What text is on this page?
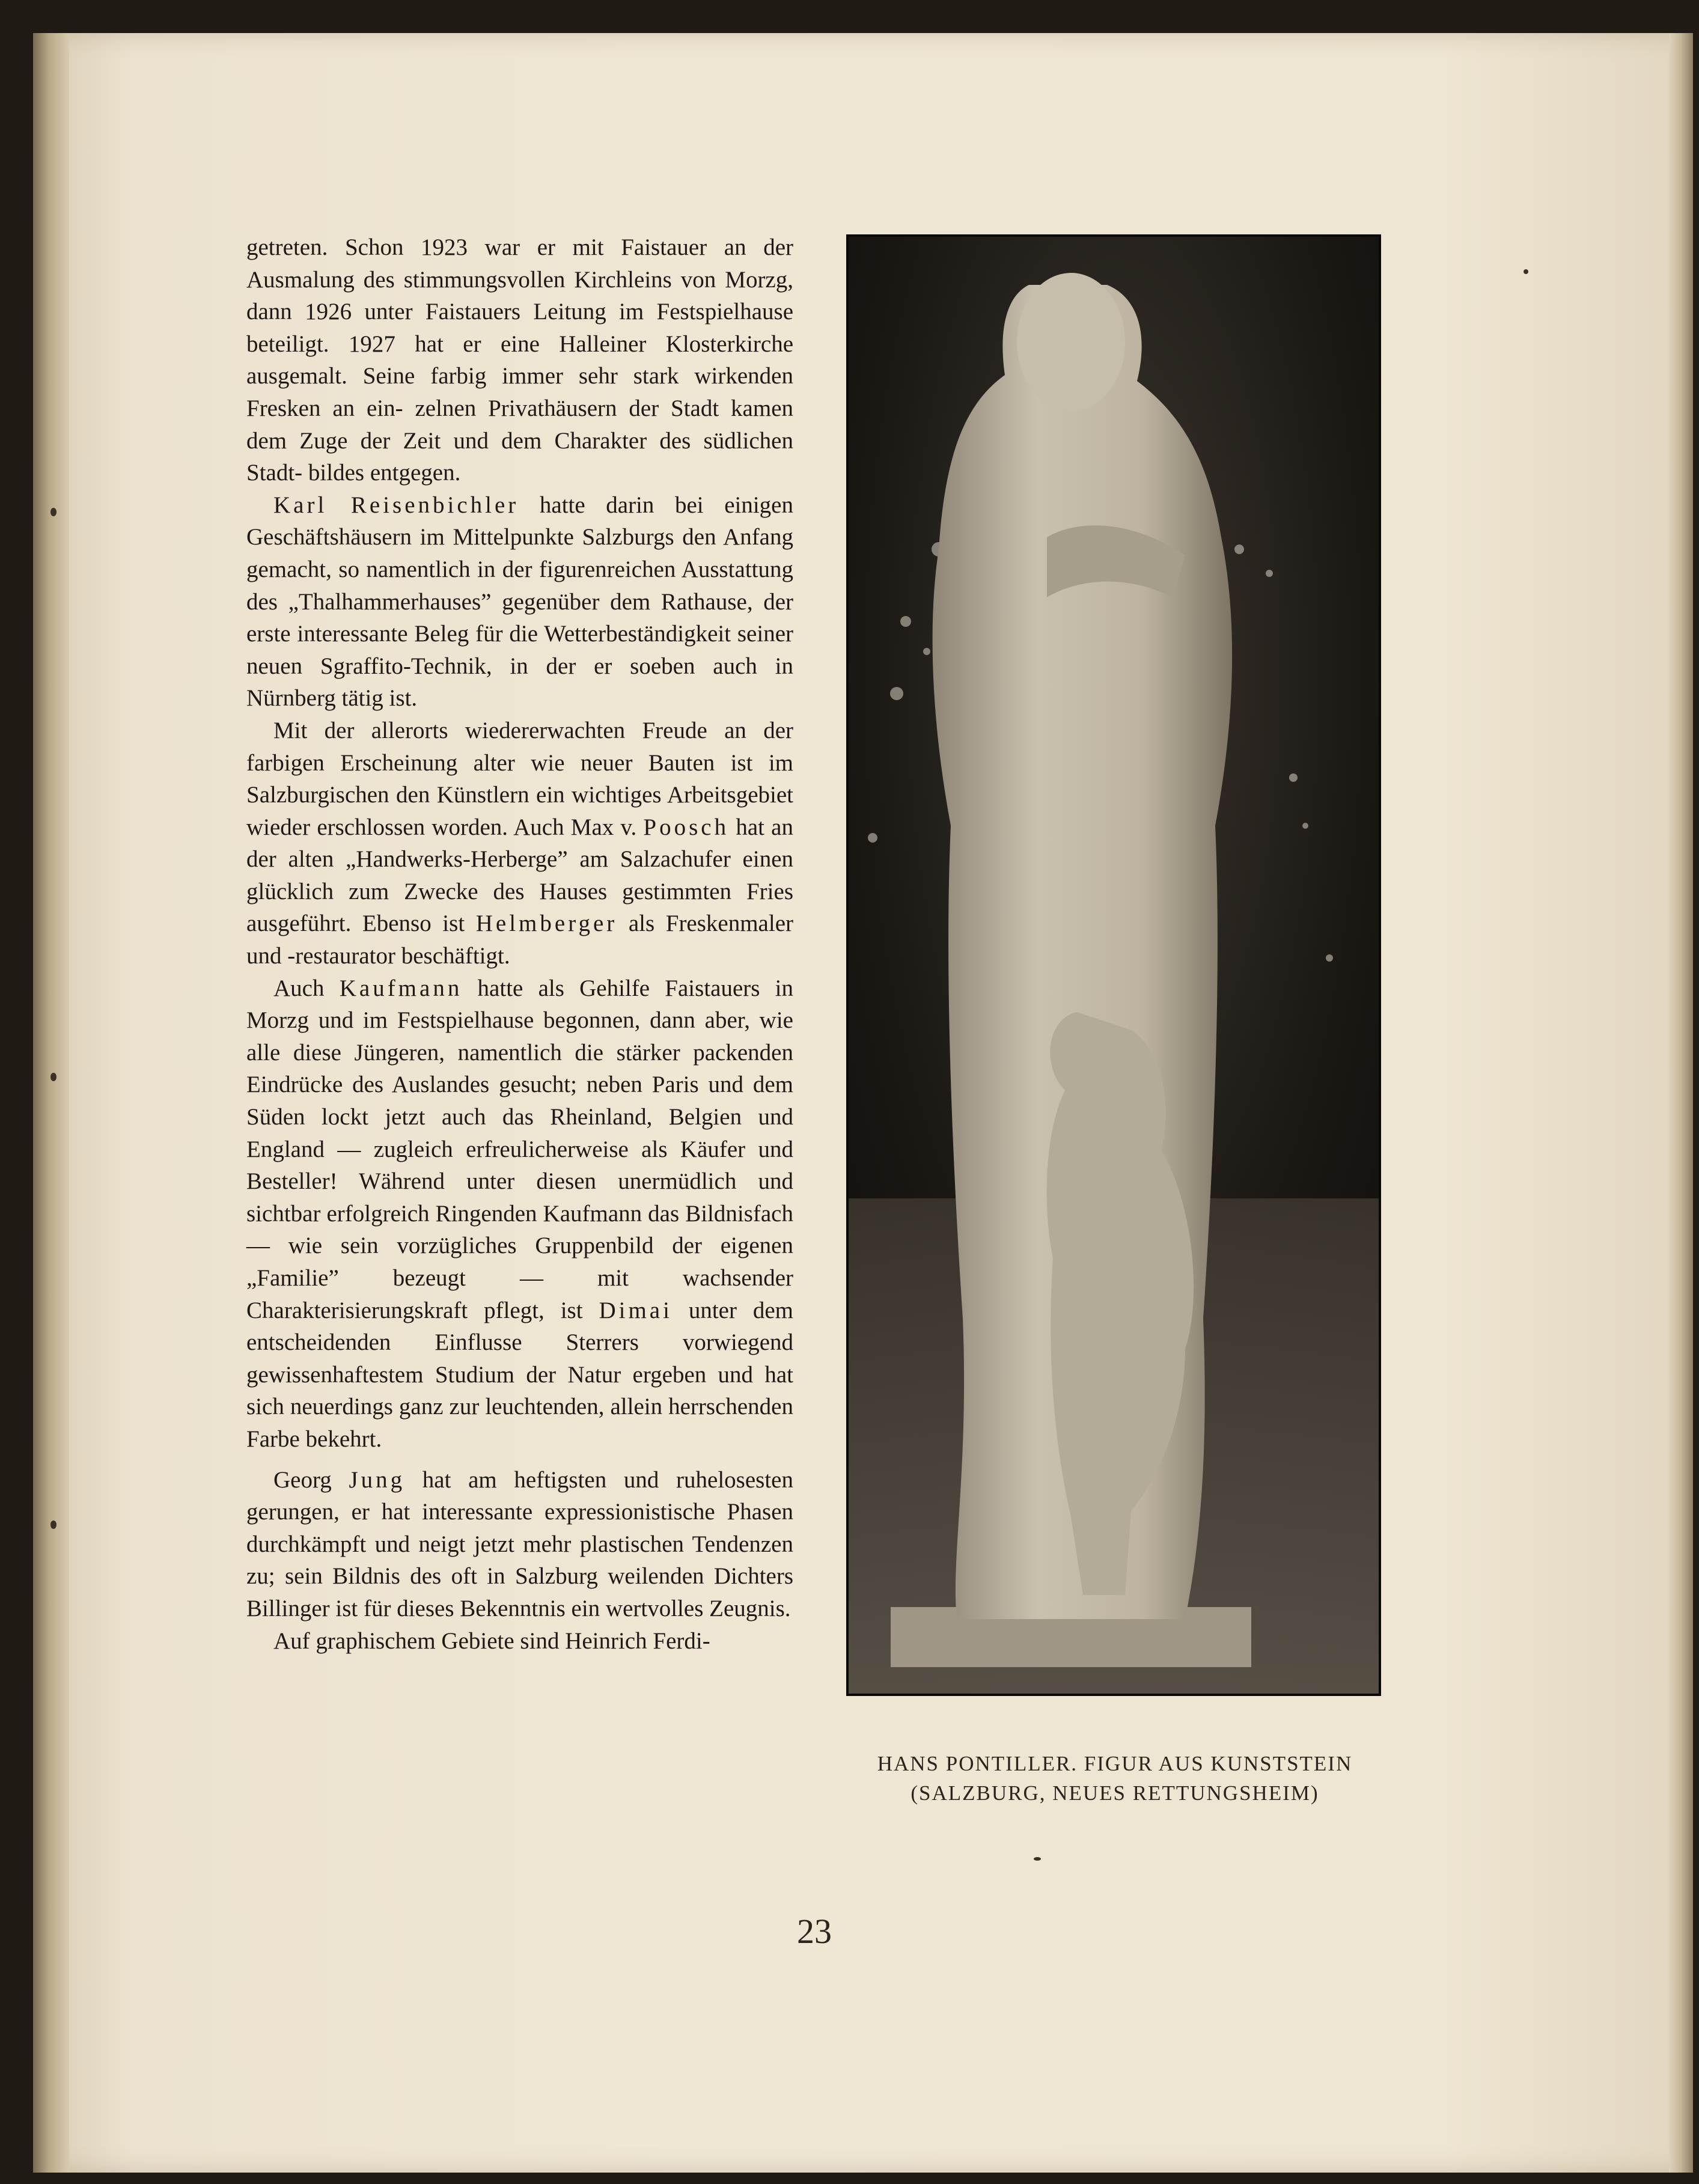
getreten. Schon 1923 war er mit Faistauer an der Ausmalung des stimmungsvollen Kirchleins von Morzg, dann 1926 unter Faistauers Leitung im Festspielhause beteiligt. 1927 hat er eine Halleiner Klosterkirche ausgemalt. Seine farbig immer sehr stark wirkenden Fresken an ein- zelnen Privathäusern der Stadt kamen dem Zuge der Zeit und dem Charakter des südlichen Stadt- bildes entgegen.

Karl Reisenbichler hatte darin bei einigen Geschäftshäusern im Mittelpunkte Salzburgs den Anfang gemacht, so namentlich in der figurenreichen Ausstattung des „Thalhammerhauses” gegenüber dem Rathause, der erste interessante Beleg für die Wetterbeständigkeit seiner neuen Sgraffito-Technik, in der er soeben auch in Nürnberg tätig ist.

Mit der allerorts wiedererwachten Freude an der farbigen Erscheinung alter wie neuer Bauten ist im Salzburgischen den Künstlern ein wichtiges Arbeitsgebiet wieder erschlossen worden. Auch Max v. Poosch hat an der alten „Handwerks-Herberge” am Salzachufer einen glücklich zum Zwecke des Hauses gestimmten Fries ausgeführt. Ebenso ist Helmberger als Freskenmaler und -restaurator beschäftigt.

Auch Kaufmann hatte als Gehilfe Faistauers in Morzg und im Festspielhause begonnen, dann aber, wie alle diese Jüngeren, namentlich die stärker packenden Eindrücke des Auslandes gesucht; neben Paris und dem Süden lockt jetzt auch das Rheinland, Belgien und England — zugleich erfreulicherweise als Käufer und Besteller! Während unter diesen unermüdlich und sichtbar erfolgreich Ringenden Kaufmann das Bildnisfach — wie sein vorzügliches Gruppenbild der eigenen „Familie” bezeugt — mit wachsender Charakterisierungskraft pflegt, ist Dimai unter dem entscheidenden Einflusse Sterrers vorwiegend gewissenhaftestem Studium der Natur ergeben und hat sich neuerdings ganz zur leuchtenden, allein herrschenden Farbe bekehrt.

Georg Jung hat am heftigsten und ruhelosesten gerungen, er hat interessante expressionistische Phasen durchkämpft und neigt jetzt mehr plastischen Tendenzen zu; sein Bildnis des oft in Salzburg weilenden Dichters Billinger ist für dieses Bekenntnis ein wertvolles Zeugnis.

Auf graphischem Gebiete sind Heinrich Ferdi-

HANS PONTILLER. FIGUR AUS KUNSTSTEIN
(SALZBURG, NEUES RETTUNGSHEIM)
23
